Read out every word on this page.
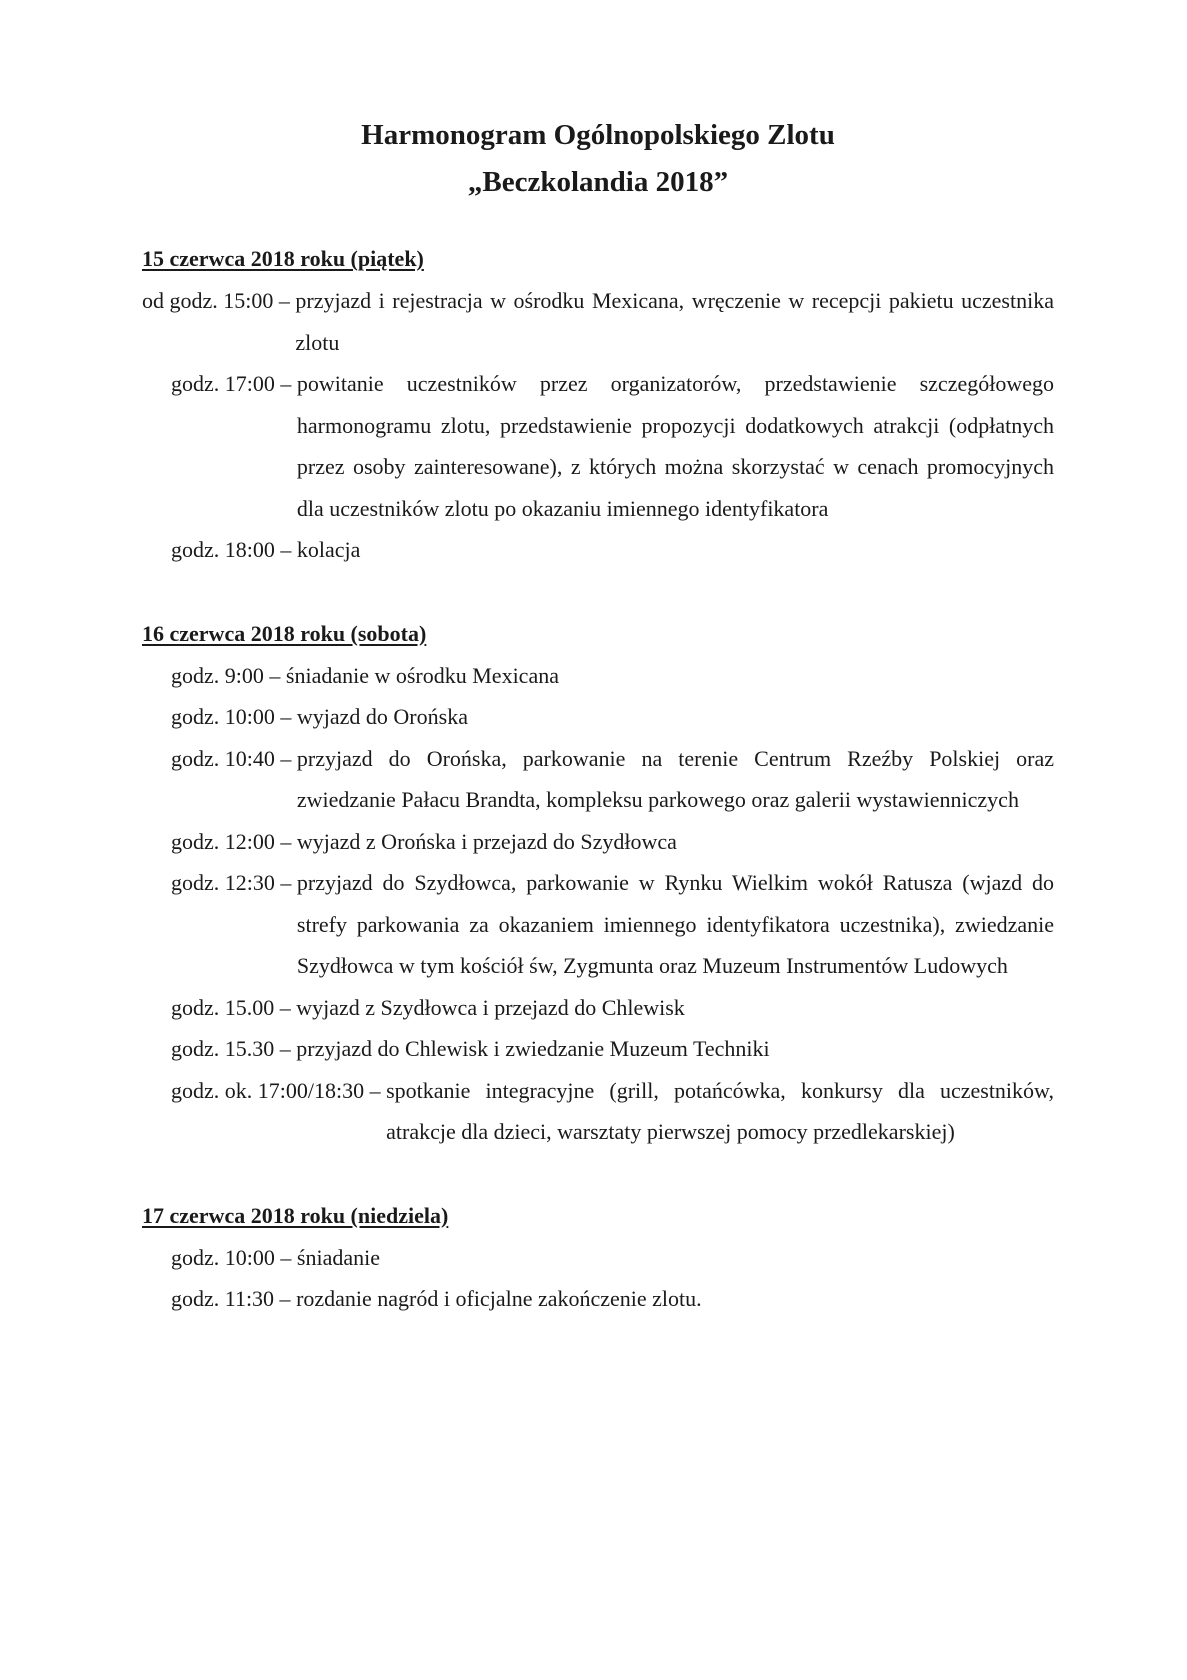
Harmonogram Ogólnopolskiego Zlotu
„Beczkolandia 2018”
15 czerwca 2018 roku (piątek)
od godz. 15:00 – przyjazd i rejestracja w ośrodku Mexicana, wręczenie w recepcji pakietu uczestnika zlotu
godz. 17:00 – powitanie uczestników przez organizatorów, przedstawienie szczegółowego harmonogramu zlotu, przedstawienie propozycji dodatkowych atrakcji (odpłatnych przez osoby zainteresowane), z których można skorzystać w cenach promocyjnych dla uczestników zlotu po okazaniu imiennego identyfikatora
godz. 18:00 – kolacja
16 czerwca 2018 roku (sobota)
godz. 9:00 – śniadanie w ośrodku Mexicana
godz. 10:00 – wyjazd do Orońska
godz. 10:40 – przyjazd do Orońska, parkowanie na terenie Centrum Rzeźby Polskiej oraz zwiedzanie Pałacu Brandta, kompleksu parkowego oraz galerii wystawienniczych
godz. 12:00 – wyjazd z Orońska i przejazd do Szydłowca
godz. 12:30 – przyjazd do Szydłowca, parkowanie w Rynku Wielkim wokół Ratusza (wjazd do strefy parkowania za okazaniem imiennego identyfikatora uczestnika), zwiedzanie Szydłowca w tym kościół św, Zygmunta oraz Muzeum Instrumentów Ludowych
godz. 15.00 – wyjazd z Szydłowca i przejazd do Chlewisk
godz. 15.30 – przyjazd do Chlewisk i zwiedzanie Muzeum Techniki
godz. ok. 17:00/18:30 – spotkanie integracyjne (grill, potańcówka, konkursy dla uczestników, atrakcje dla dzieci, warsztaty pierwszej pomocy przedlekarskiej)
17 czerwca 2018 roku (niedziela)
godz. 10:00 – śniadanie
godz. 11:30 – rozdanie nagród i oficjalne zakończenie zlotu.
